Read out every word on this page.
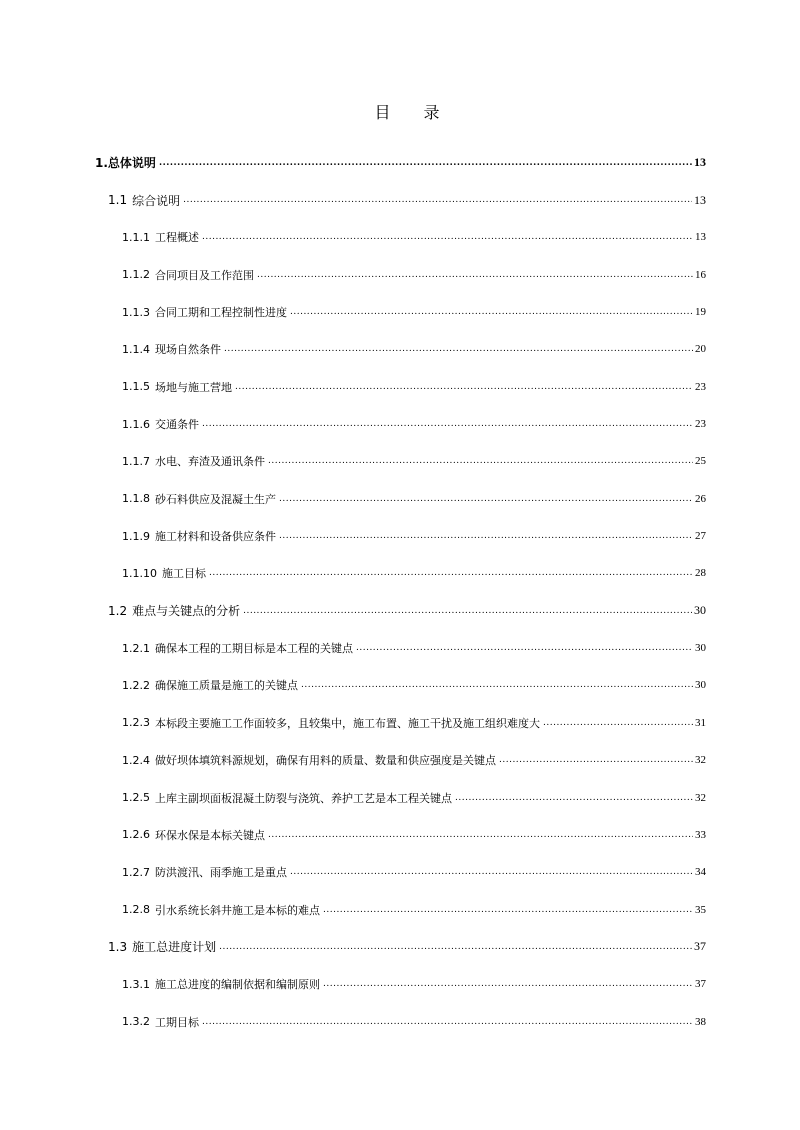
目 录
1. 总体说明 .....	13
1.1 综合说明 .....	13
1.1.1 工程概述 .....	13
1.1.2 合同项目及工作范围 .....	16
1.1.3 合同工期和工程控制性进度 .....	19
1.1.4 现场自然条件 .....	20
1.1.5 场地与施工营地 .....	23
1.1.6 交通条件 .....	23
1.1.7 水电、弃渣及通讯条件 .....	25
1.1.8 砂石料供应及混凝土生产 .....	26
1.1.9 施工材料和设备供应条件 .....	27
1.1.10 施工目标 .....	28
1.2 难点与关键点的分析 .....	30
1.2.1 确保本工程的工期目标是本工程的关键点 .....	30
1.2.2 确保施工质量是施工的关键点 .....	30
1.2.3 本标段主要施工工作面较多，且较集中，施工布置、施工干扰及施工组织难度大 .....	31
1.2.4 做好坝体填筑料源规划，确保有用料的质量、数量和供应强度是关键点 .....	32
1.2.5 上库主副坝面板混凝土防裂与浇筑、养护工艺是本工程关键点 .....	32
1.2.6 环保水保是本标关键点 .....	33
1.2.7 防洪渡汛、雨季施工是重点 .....	34
1.2.8 引水系统长斜井施工是本标的难点 .....	35
1.3 施工总进度计划 .....	37
1.3.1 施工总进度的编制依据和编制原则 .....	37
1.3.2 工期目标 .....	38
